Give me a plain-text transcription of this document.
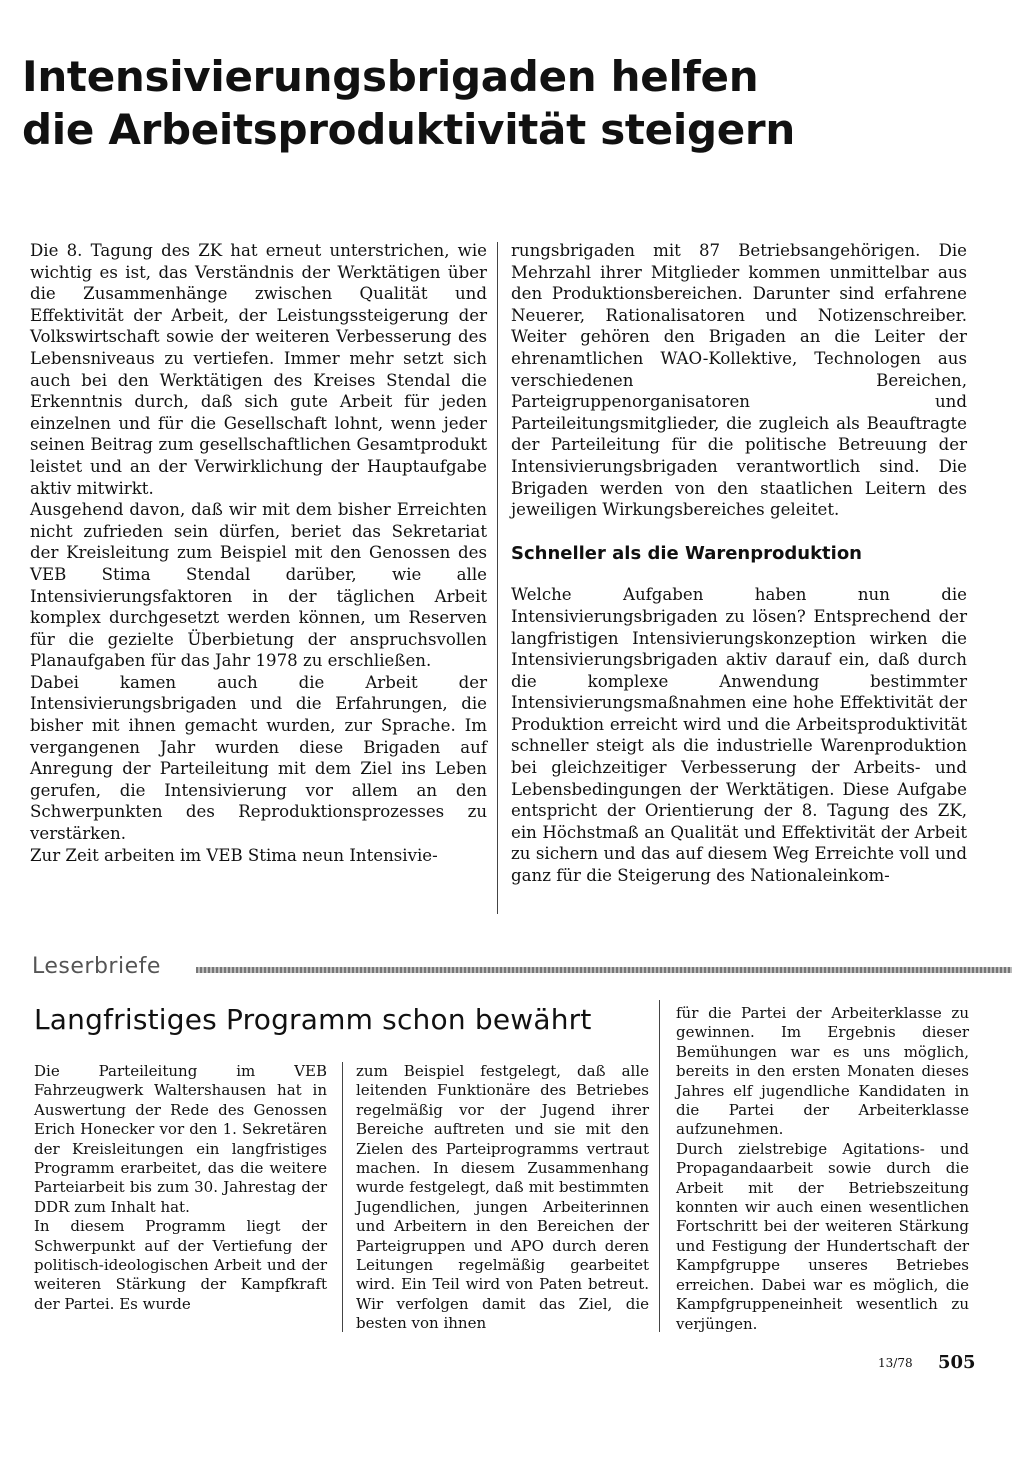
Intensivierungsbrigaden helfen
die Arbeitsproduktivität steigern

Die 8. Tagung des ZK hat erneut unterstrichen, wie wichtig es ist, das Verständnis der Werktätigen über die Zusammenhänge zwischen Qualität und Effektivität der Arbeit, der Leistungssteigerung der Volkswirtschaft sowie der weiteren Verbesserung des Lebensniveaus zu vertiefen. Immer mehr setzt sich auch bei den Werktätigen des Kreises Stendal die Erkenntnis durch, daß sich gute Arbeit für jeden einzelnen und für die Gesellschaft lohnt, wenn jeder seinen Beitrag zum gesellschaftlichen Gesamtprodukt leistet und an der Verwirklichung der Hauptaufgabe aktiv mitwirkt.

Ausgehend davon, daß wir mit dem bisher Erreichten nicht zufrieden sein dürfen, beriet das Sekretariat der Kreisleitung zum Beispiel mit den Genossen des VEB Stima Stendal darüber, wie alle Intensivierungsfaktoren in der täglichen Arbeit komplex durchgesetzt werden können, um Reserven für die gezielte Überbietung der anspruchsvollen Planaufgaben für das Jahr 1978 zu erschließen.

Dabei kamen auch die Arbeit der Intensivierungsbrigaden und die Erfahrungen, die bisher mit ihnen gemacht wurden, zur Sprache. Im vergangenen Jahr wurden diese Brigaden auf Anregung der Parteileitung mit dem Ziel ins Leben gerufen, die Intensivierung vor allem an den Schwerpunkten des Reproduktionsprozesses zu verstärken.

Zur Zeit arbeiten im VEB Stima neun Intensivie-

rungsbrigaden mit 87 Betriebsangehörigen. Die Mehrzahl ihrer Mitglieder kommen unmittelbar aus den Produktionsbereichen. Darunter sind erfahrene Neuerer, Rationalisatoren und Notizenschreiber. Weiter gehören den Brigaden an die Leiter der ehrenamtlichen WAO-Kollektive, Technologen aus verschiedenen Bereichen, Parteigruppenorganisatoren und Parteileitungsmitglieder, die zugleich als Beauftragte der Parteileitung für die politische Betreuung der Intensivierungsbrigaden verantwortlich sind. Die Brigaden werden von den staatlichen Leitern des jeweiligen Wirkungsbereiches geleitet.

Schneller als die Warenproduktion

Welche Aufgaben haben nun die Intensivierungsbrigaden zu lösen? Entsprechend der langfristigen Intensivierungskonzeption wirken die Intensivierungsbrigaden aktiv darauf ein, daß durch die komplexe Anwendung bestimmter Intensivierungsmaßnahmen eine hohe Effektivität der Produktion erreicht wird und die Arbeitsproduktivität schneller steigt als die industrielle Warenproduktion bei gleichzeitiger Verbesserung der Arbeits- und Lebensbedingungen der Werktätigen. Diese Aufgabe entspricht der Orientierung der 8. Tagung des ZK, ein Höchstmaß an Qualität und Effektivität der Arbeit zu sichern und das auf diesem Weg Erreichte voll und ganz für die Steigerung des Nationaleinkom-

Leserbriefe
Langfristiges Programm schon bewährt

Die Parteileitung im VEB Fahrzeugwerk Waltershausen hat in Auswertung der Rede des Genossen Erich Honecker vor den 1. Sekretären der Kreisleitungen ein langfristiges Programm erarbeitet, das die weitere Parteiarbeit bis zum 30. Jahrestag der DDR zum Inhalt hat.

In diesem Programm liegt der Schwerpunkt auf der Vertiefung der politisch-ideologischen Arbeit und der weiteren Stärkung der Kampfkraft der Partei. Es wurde

zum Beispiel festgelegt, daß alle leitenden Funktionäre des Betriebes regelmäßig vor der Jugend ihrer Bereiche auftreten und sie mit den Zielen des Parteiprogramms vertraut machen. In diesem Zusammenhang wurde festgelegt, daß mit bestimmten Jugendlichen, jungen Arbeiterinnen und Arbeitern in den Bereichen der Parteigruppen und APO durch deren Leitungen regelmäßig gearbeitet wird. Ein Teil wird von Paten betreut. Wir verfolgen damit das Ziel, die besten von ihnen

für die Partei der Arbeiterklasse zu gewinnen. Im Ergebnis dieser Bemühungen war es uns möglich, bereits in den ersten Monaten dieses Jahres elf jugendliche Kandidaten in die Partei der Arbeiterklasse aufzunehmen.

Durch zielstrebige Agitations- und Propagandaarbeit sowie durch die Arbeit mit der Betriebszeitung konnten wir auch einen wesentlichen Fortschritt bei der weiteren Stärkung und Festigung der Hundertschaft der Kampfgruppe unseres Betriebes erreichen. Dabei war es möglich, die Kampfgruppeneinheit wesentlich zu verjüngen.

13/78 505
